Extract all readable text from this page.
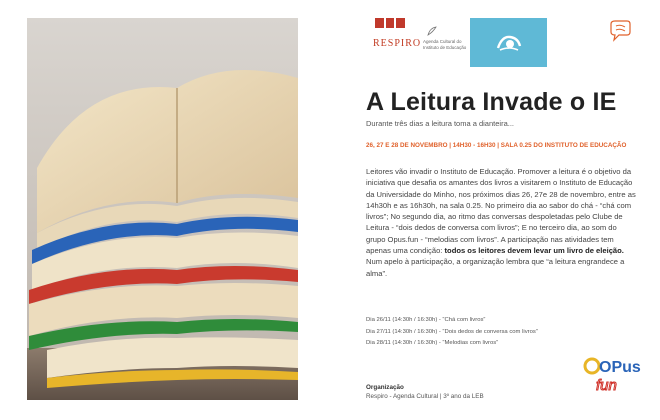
RESPIRO Agenda Cultural do Instituto de Educação
A Leitura Invade o IE
Durante três dias a leitura toma a dianteira...
26, 27 E 28 DE NOVEMBRO | 14H30 - 16H30 | SALA 0.25 DO INSTITUTO DE EDUCAÇÃO
Leitores vão invadir o Instituto de Educação. Promover a leitura é o objetivo da iniciativa que desafia os amantes dos livros a visitarem o Instituto de Educação da Universidade do Minho, nos próximos dias 26, 27e 28 de novembro, entre as 14h30h e as 16h30h, na sala 0.25. No primeiro dia ao sabor do chá - “chá com livros”; No segundo dia, ao ritmo das conversas despoletadas pelo Clube de Leitura - “dois dedos de conversa com livros”; E no terceiro dia, ao som do grupo Opus.fun - “melodias com livros”. A participação nas atividades tem apenas uma condição: todos os leitores devem levar um livro de eleição. Num apelo à participação, a organização lembra que “a leitura engrandece a alma”.
Dia 26/11 (14:30h / 16:30h) - “Chá com livros”
Dia 27/11 (14:30h / 16:30h) - “Dois dedos de conversa com livros”
Dia 28/11 (14:30h / 16:30h) - “Melodias com livros”
Organização
Respiro - Agenda Cultural | 3º ano da LEB
OPus
fun
